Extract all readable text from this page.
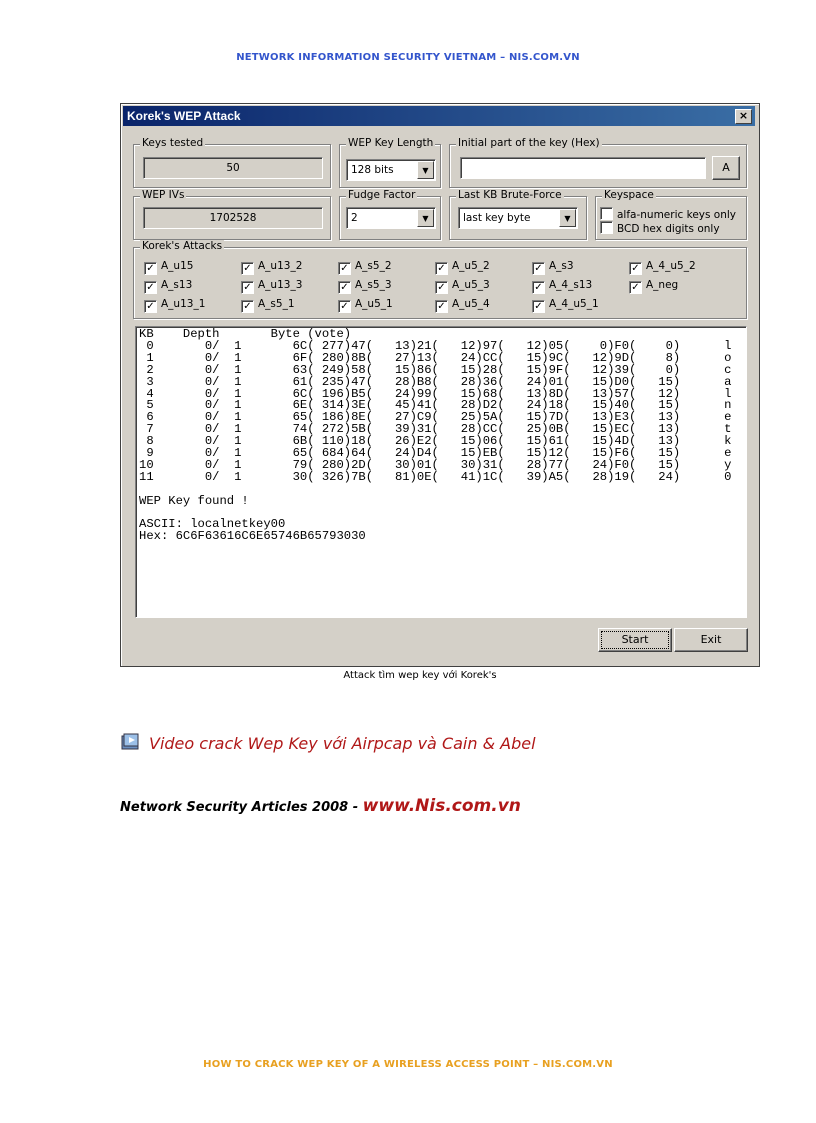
NETWORK INFORMATION SECURITY VIETNAM – NIS.COM.VN
Korek's WEP Attack	×
Keys tested
50
WEP Key Length
128 bits	▼
Initial part of the key (Hex)
A
WEP IVs
1702528
Fudge Factor
2	▼
Last KB Brute-Force
last key byte	▼
Keyspace
alfa-numeric keys only
BCD hex digits only
Korek's Attacks
✓ A_u15	✓ A_u13_2	✓ A_s5_2	✓ A_u5_2	✓ A_s3	✓ A_4_u5_2
✓ A_s13	✓ A_u13_3	✓ A_s5_3	✓ A_u5_3	✓ A_4_s13	✓ A_neg
✓ A_u13_1	✓ A_s5_1	✓ A_u5_1	✓ A_u5_4	✓ A_4_u5_1
KB    Depth       Byte (vote)
0       0/  1       6C( 277)47(   13)21(   12)97(   12)05(    0)F0(    0)      l
1       0/  1       6F( 280)8B(   27)13(   24)CC(   15)9C(   12)9D(    8)      o
2       0/  1       63( 249)58(   15)86(   15)28(   15)9F(   12)39(    0)      c
3       0/  1       61( 235)47(   28)B8(   28)36(   24)01(   15)D0(   15)      a
4       0/  1       6C( 196)B5(   24)99(   15)68(   13)8D(   13)57(   12)      l
5       0/  1       6E( 314)3E(   45)41(   28)D2(   24)18(   15)40(   15)      n
6       0/  1       65( 186)8E(   27)C9(   25)5A(   15)7D(   13)E3(   13)      e
7       0/  1       74( 272)5B(   39)31(   28)CC(   25)0B(   15)EC(   13)      t
8       0/  1       6B( 110)18(   26)E2(   15)06(   15)61(   15)4D(   13)      k
9       0/  1       65( 684)64(   24)D4(   15)EB(   15)12(   15)F6(   15)      e
10       0/  1       79( 280)2D(   30)01(   30)31(   28)77(   24)F0(   15)      y
11       0/  1       30( 326)7B(   81)0E(   41)1C(   39)A5(   28)19(   24)      0
WEP Key found !
ASCII: localnetkey00
Hex: 6C6F63616C6E65746B65793030
Start	Exit
Attack tìm wep key với Korek's
Video crack Wep Key với Airpcap và Cain & Abel
Network Security Articles 2008 - www.Nis.com.vn
HOW TO CRACK WEP KEY OF A WIRELESS ACCESS POINT – NIS.COM.VN
